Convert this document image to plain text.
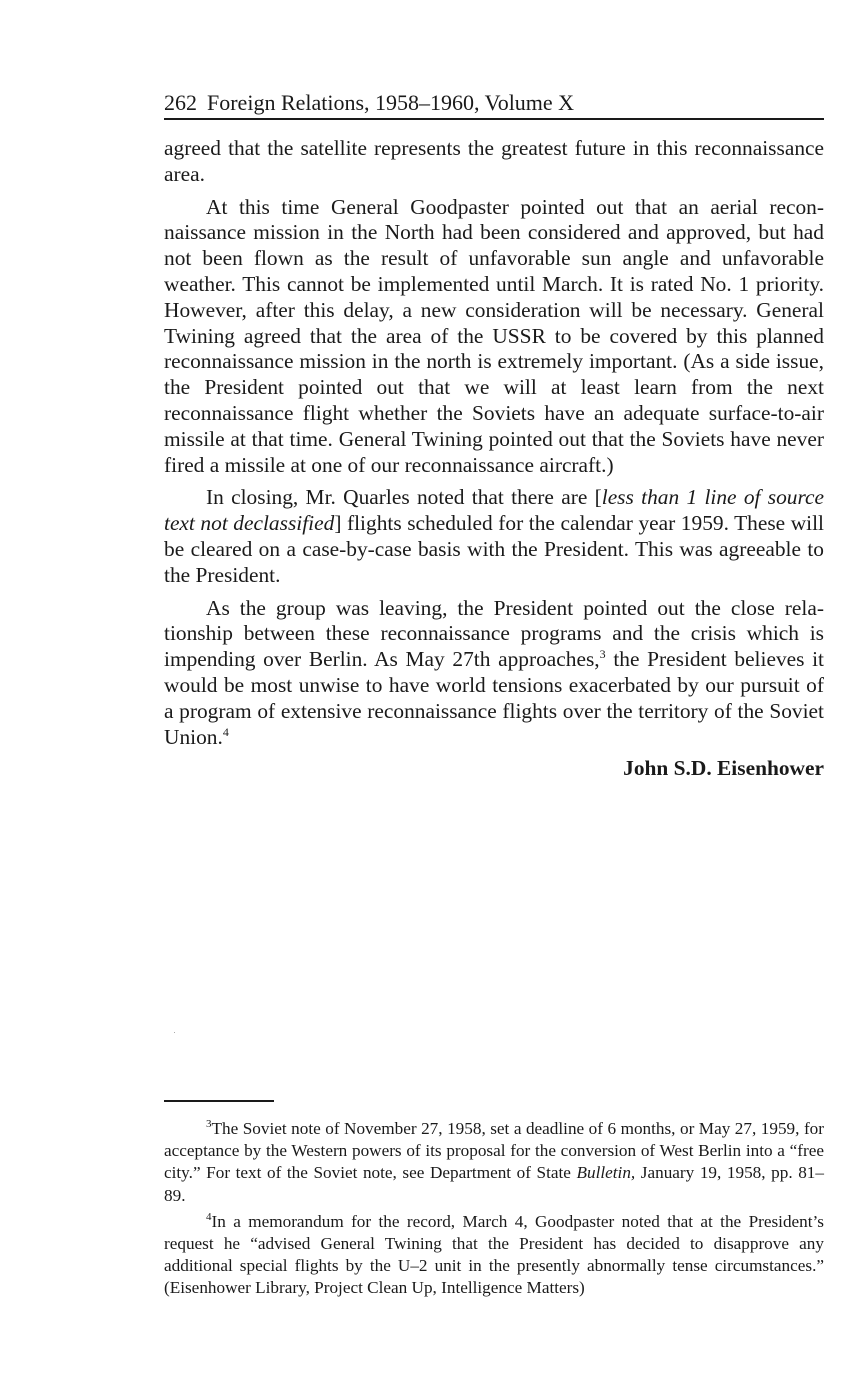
262 Foreign Relations, 1958–1960, Volume X

agreed that the satellite represents the greatest future in this reconnaissance area.

At this time General Goodpaster pointed out that an aerial reconnaissance mission in the North had been considered and approved, but had not been flown as the result of unfavorable sun angle and unfavorable weather. This cannot be implemented until March. It is rated No. 1 priority. However, after this delay, a new consideration will be necessary. General Twining agreed that the area of the USSR to be covered by this planned reconnaissance mission in the north is extremely important. (As a side issue, the President pointed out that we will at least learn from the next reconnaissance flight whether the Soviets have an adequate surface-to-air missile at that time. General Twining pointed out that the Soviets have never fired a missile at one of our reconnaissance aircraft.)

In closing, Mr. Quarles noted that there are [less than 1 line of source text not declassified] flights scheduled for the calendar year 1959. These will be cleared on a case-by-case basis with the President. This was agreeable to the President.

As the group was leaving, the President pointed out the close relationship between these reconnaissance programs and the crisis which is impending over Berlin. As May 27th approaches,$^3$ the President believes it would be most unwise to have world tensions exacerbated by our pursuit of a program of extensive reconnaissance flights over the territory of the Soviet Union.$^4$

John S.D. Eisenhower

$^3$The Soviet note of November 27, 1958, set a deadline of 6 months, or May 27, 1959, for acceptance by the Western powers of its proposal for the conversion of West Berlin into a “free city.” For text of the Soviet note, see Department of State Bulletin, January 19, 1958, pp. 81–89.

$^4$In a memorandum for the record, March 4, Goodpaster noted that at the President’s request he “advised General Twining that the President has decided to disapprove any additional special flights by the U–2 unit in the presently abnormally tense circumstances.” (Eisenhower Library, Project Clean Up, Intelligence Matters)
